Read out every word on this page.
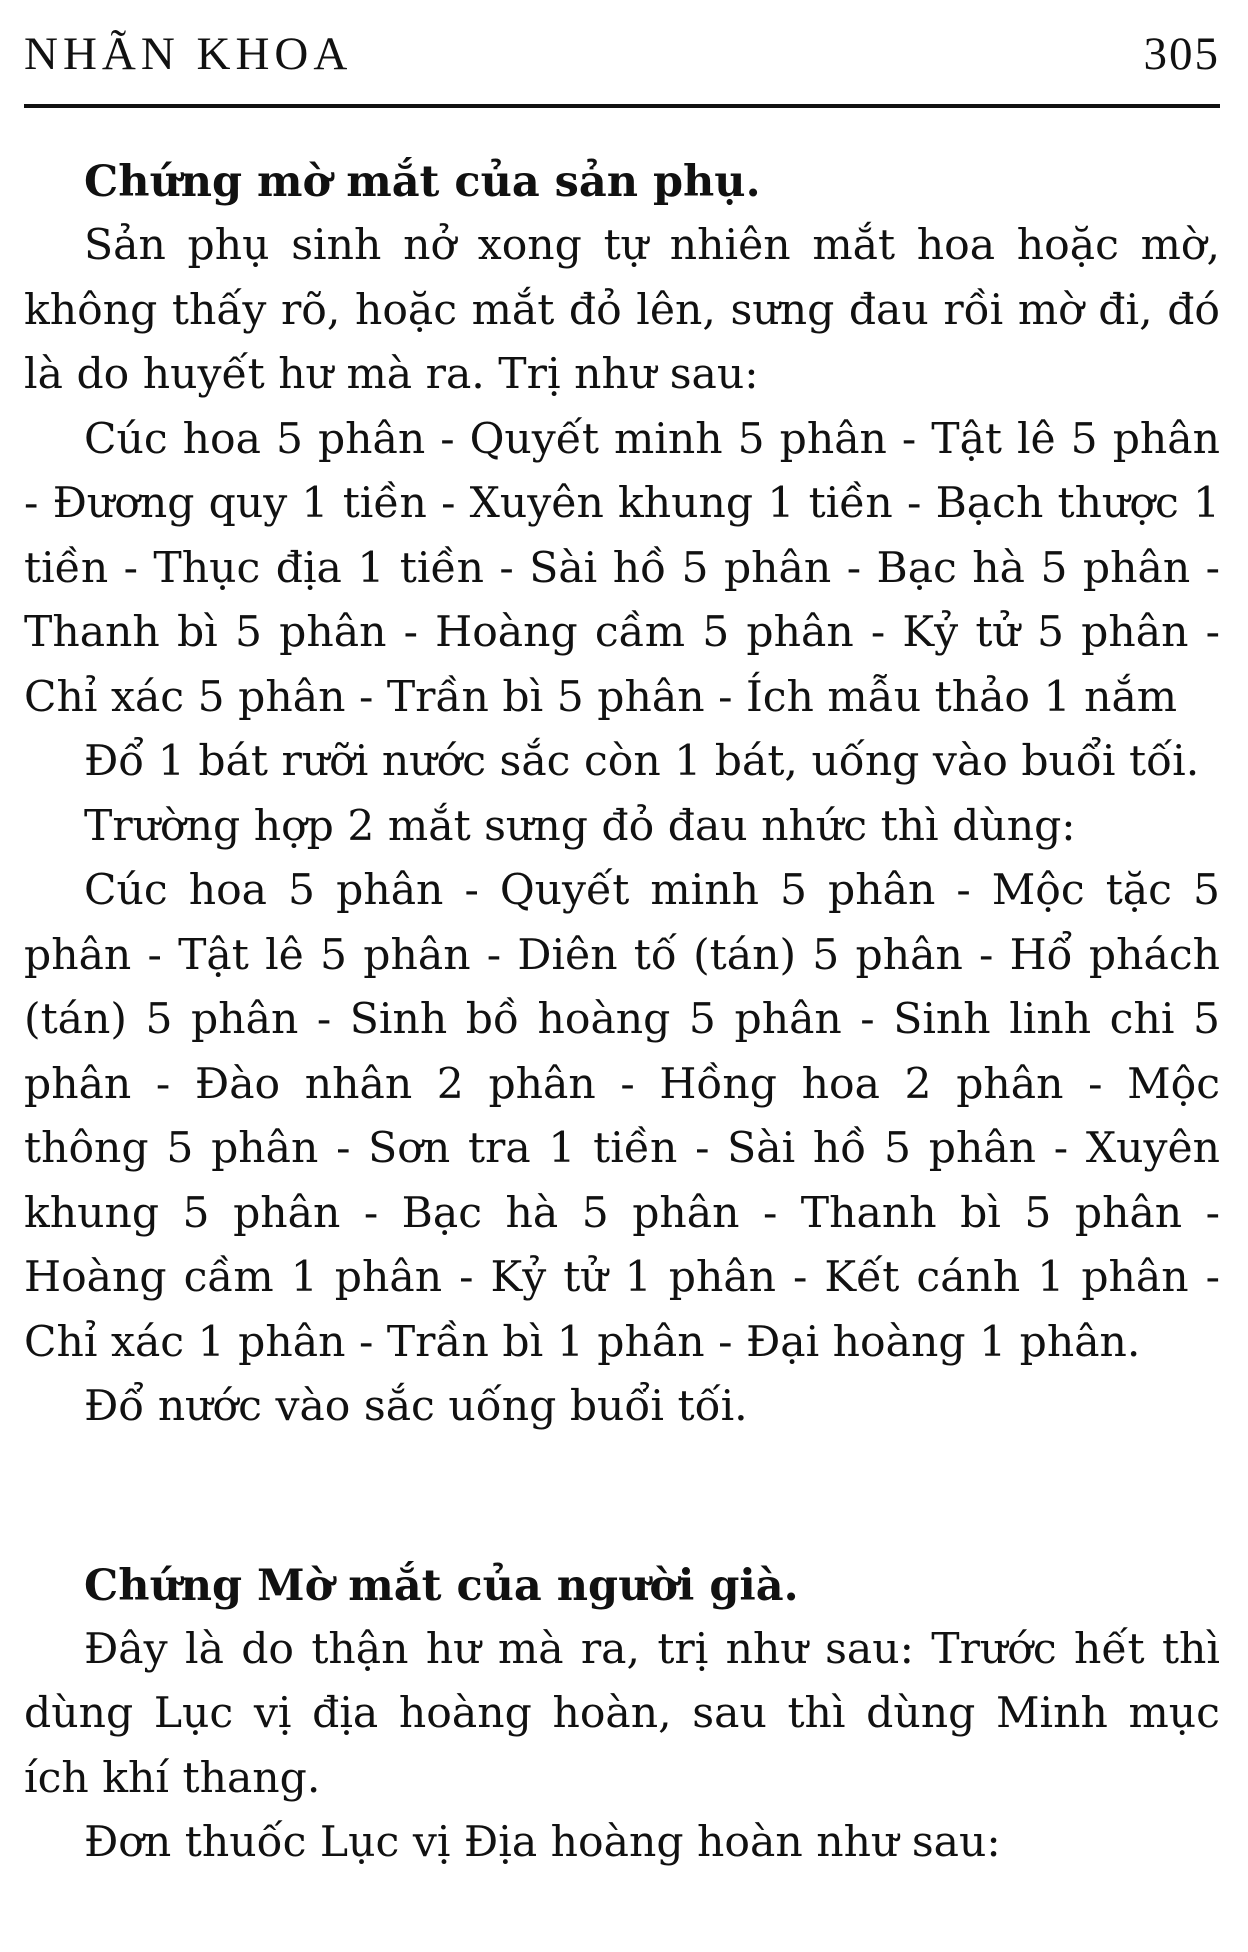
NHÃN KHOA	305
Chứng mờ mắt của sản phụ.

Sản phụ sinh nở xong tự nhiên mắt hoa hoặc mờ, không thấy rõ, hoặc mắt đỏ lên, sưng đau rồi mờ đi, đó là do huyết hư mà ra. Trị như sau:

Cúc hoa 5 phân - Quyết minh 5 phân - Tật lê 5 phân - Đương quy 1 tiền - Xuyên khung 1 tiền - Bạch thược 1 tiền - Thục địa 1 tiền - Sài hồ 5 phân - Bạc hà 5 phân - Thanh bì 5 phân - Hoàng cầm 5 phân - Kỷ tử 5 phân - Chỉ xác 5 phân - Trần bì 5 phân - Ích mẫu thảo 1 nắm

Đổ 1 bát rưỡi nước sắc còn 1 bát, uống vào buổi tối.

Trường hợp 2 mắt sưng đỏ đau nhức thì dùng:

Cúc hoa 5 phân - Quyết minh 5 phân - Mộc tặc 5 phân - Tật lê 5 phân - Diên tố (tán) 5 phân - Hổ phách (tán) 5 phân - Sinh bồ hoàng 5 phân - Sinh linh chi 5 phân - Đào nhân 2 phân - Hồng hoa 2 phân - Mộc thông 5 phân - Sơn tra 1 tiền - Sài hồ 5 phân - Xuyên khung 5 phân - Bạc hà 5 phân - Thanh bì 5 phân - Hoàng cầm 1 phân - Kỷ tử 1 phân - Kết cánh 1 phân - Chỉ xác 1 phân - Trần bì 1 phân - Đại hoàng 1 phân.

Đổ nước vào sắc uống buổi tối.

Chứng Mờ mắt của người già.

Đây là do thận hư mà ra, trị như sau: Trước hết thì dùng Lục vị địa hoàng hoàn, sau thì dùng Minh mục ích khí thang.

Đơn thuốc Lục vị Địa hoàng hoàn như sau:
